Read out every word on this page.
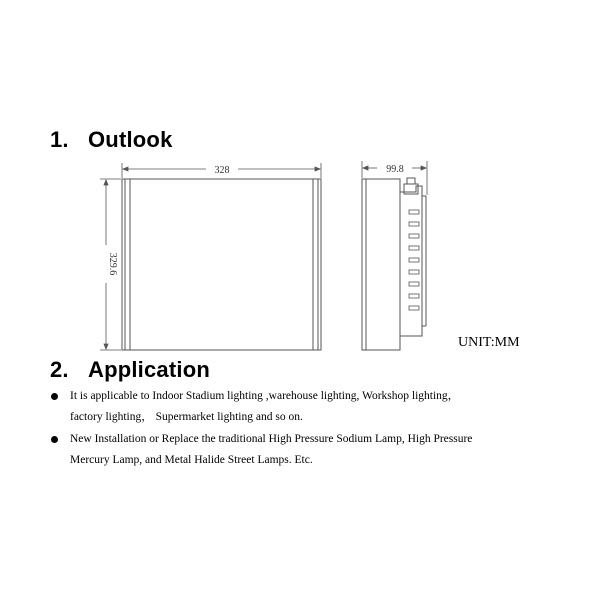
1. Outlook
328
329.6
99.8
UNIT:MM
2. Application
It is applicable to Indoor Stadium lighting ,warehouse lighting, Workshop lighting，
factory lighting， Supermarket lighting and so on.
New Installation or Replace the traditional High Pressure Sodium Lamp, High Pressure
Mercury Lamp, and Metal Halide Street Lamps. Etc.
